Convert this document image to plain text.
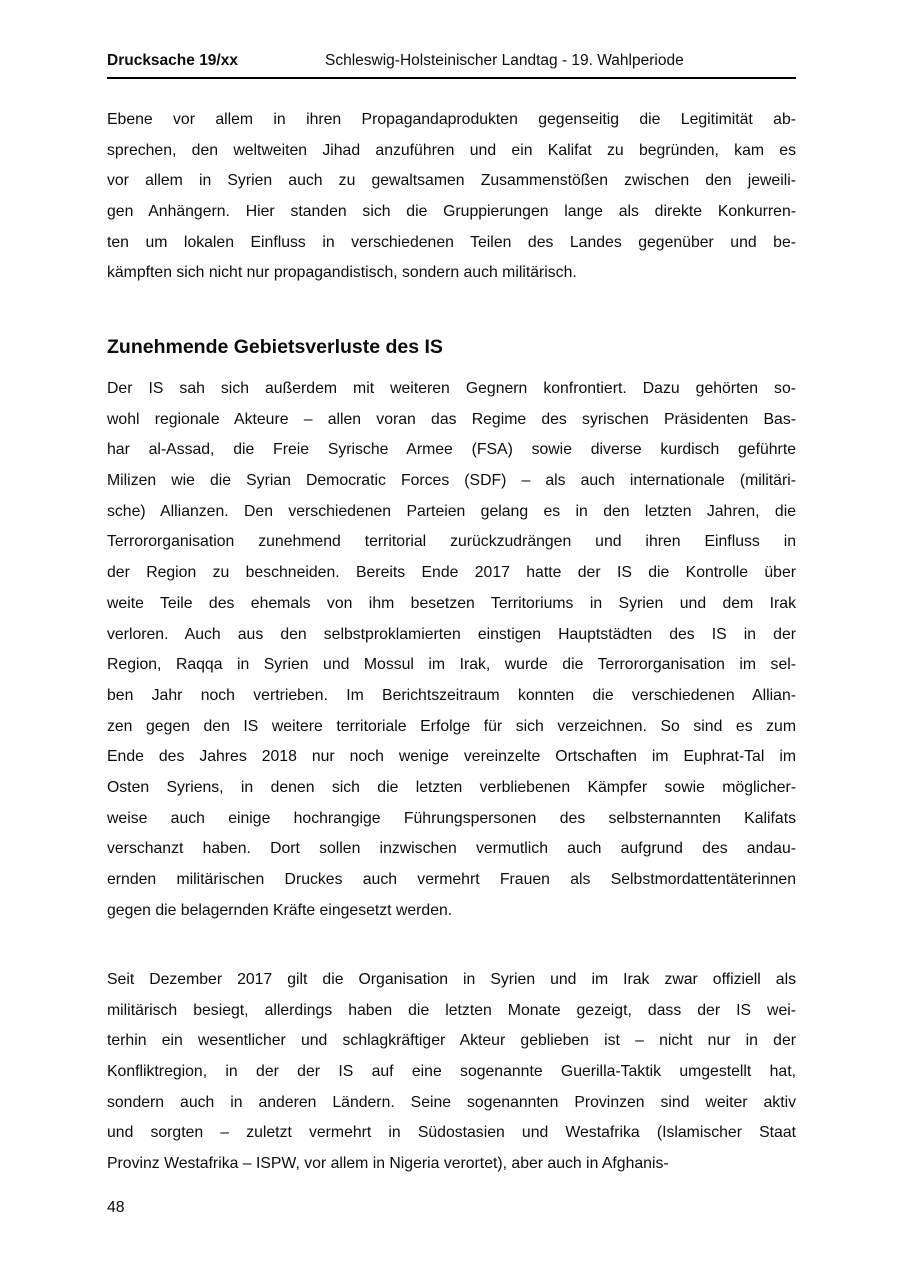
Drucksache 19/xx	Schleswig-Holsteinischer Landtag - 19. Wahlperiode
Ebene vor allem in ihren Propagandaprodukten gegenseitig die Legitimität ab-
sprechen, den weltweiten Jihad anzuführen und ein Kalifat zu begründen, kam es
vor allem in Syrien auch zu gewaltsamen Zusammenstößen zwischen den jeweili-
gen Anhängern. Hier standen sich die Gruppierungen lange als direkte Konkurren-
ten um lokalen Einfluss in verschiedenen Teilen des Landes gegenüber und be-
kämpften sich nicht nur propagandistisch, sondern auch militärisch.
Zunehmende Gebietsverluste des IS
Der IS sah sich außerdem mit weiteren Gegnern konfrontiert. Dazu gehörten so-
wohl regionale Akteure – allen voran das Regime des syrischen Präsidenten Bas-
har al-Assad, die Freie Syrische Armee (FSA) sowie diverse kurdisch geführte
Milizen wie die Syrian Democratic Forces (SDF) – als auch internationale (militäri-
sche) Allianzen. Den verschiedenen Parteien gelang es in den letzten Jahren, die
Terrororganisation zunehmend territorial zurückzudrängen und ihren Einfluss in
der Region zu beschneiden. Bereits Ende 2017 hatte der IS die Kontrolle über
weite Teile des ehemals von ihm besetzen Territoriums in Syrien und dem Irak
verloren. Auch aus den selbstproklamierten einstigen Hauptstädten des IS in der
Region, Raqqa in Syrien und Mossul im Irak, wurde die Terrororganisation im sel-
ben Jahr noch vertrieben. Im Berichtszeitraum konnten die verschiedenen Allian-
zen gegen den IS weitere territoriale Erfolge für sich verzeichnen. So sind es zum
Ende des Jahres 2018 nur noch wenige vereinzelte Ortschaften im Euphrat-Tal im
Osten Syriens, in denen sich die letzten verbliebenen Kämpfer sowie möglicher-
weise auch einige hochrangige Führungspersonen des selbsternannten Kalifats
verschanzt haben. Dort sollen inzwischen vermutlich auch aufgrund des andau-
ernden militärischen Druckes auch vermehrt Frauen als Selbstmordattentäterinnen
gegen die belagernden Kräfte eingesetzt werden.
Seit Dezember 2017 gilt die Organisation in Syrien und im Irak zwar offiziell als
militärisch besiegt, allerdings haben die letzten Monate gezeigt, dass der IS wei-
terhin ein wesentlicher und schlagkräftiger Akteur geblieben ist – nicht nur in der
Konfliktregion, in der der IS auf eine sogenannte Guerilla-Taktik umgestellt hat,
sondern auch in anderen Ländern. Seine sogenannten Provinzen sind weiter aktiv
und sorgten – zuletzt vermehrt in Südostasien und Westafrika (Islamischer Staat
Provinz Westafrika – ISPW, vor allem in Nigeria verortet), aber auch in Afghanis-
48
